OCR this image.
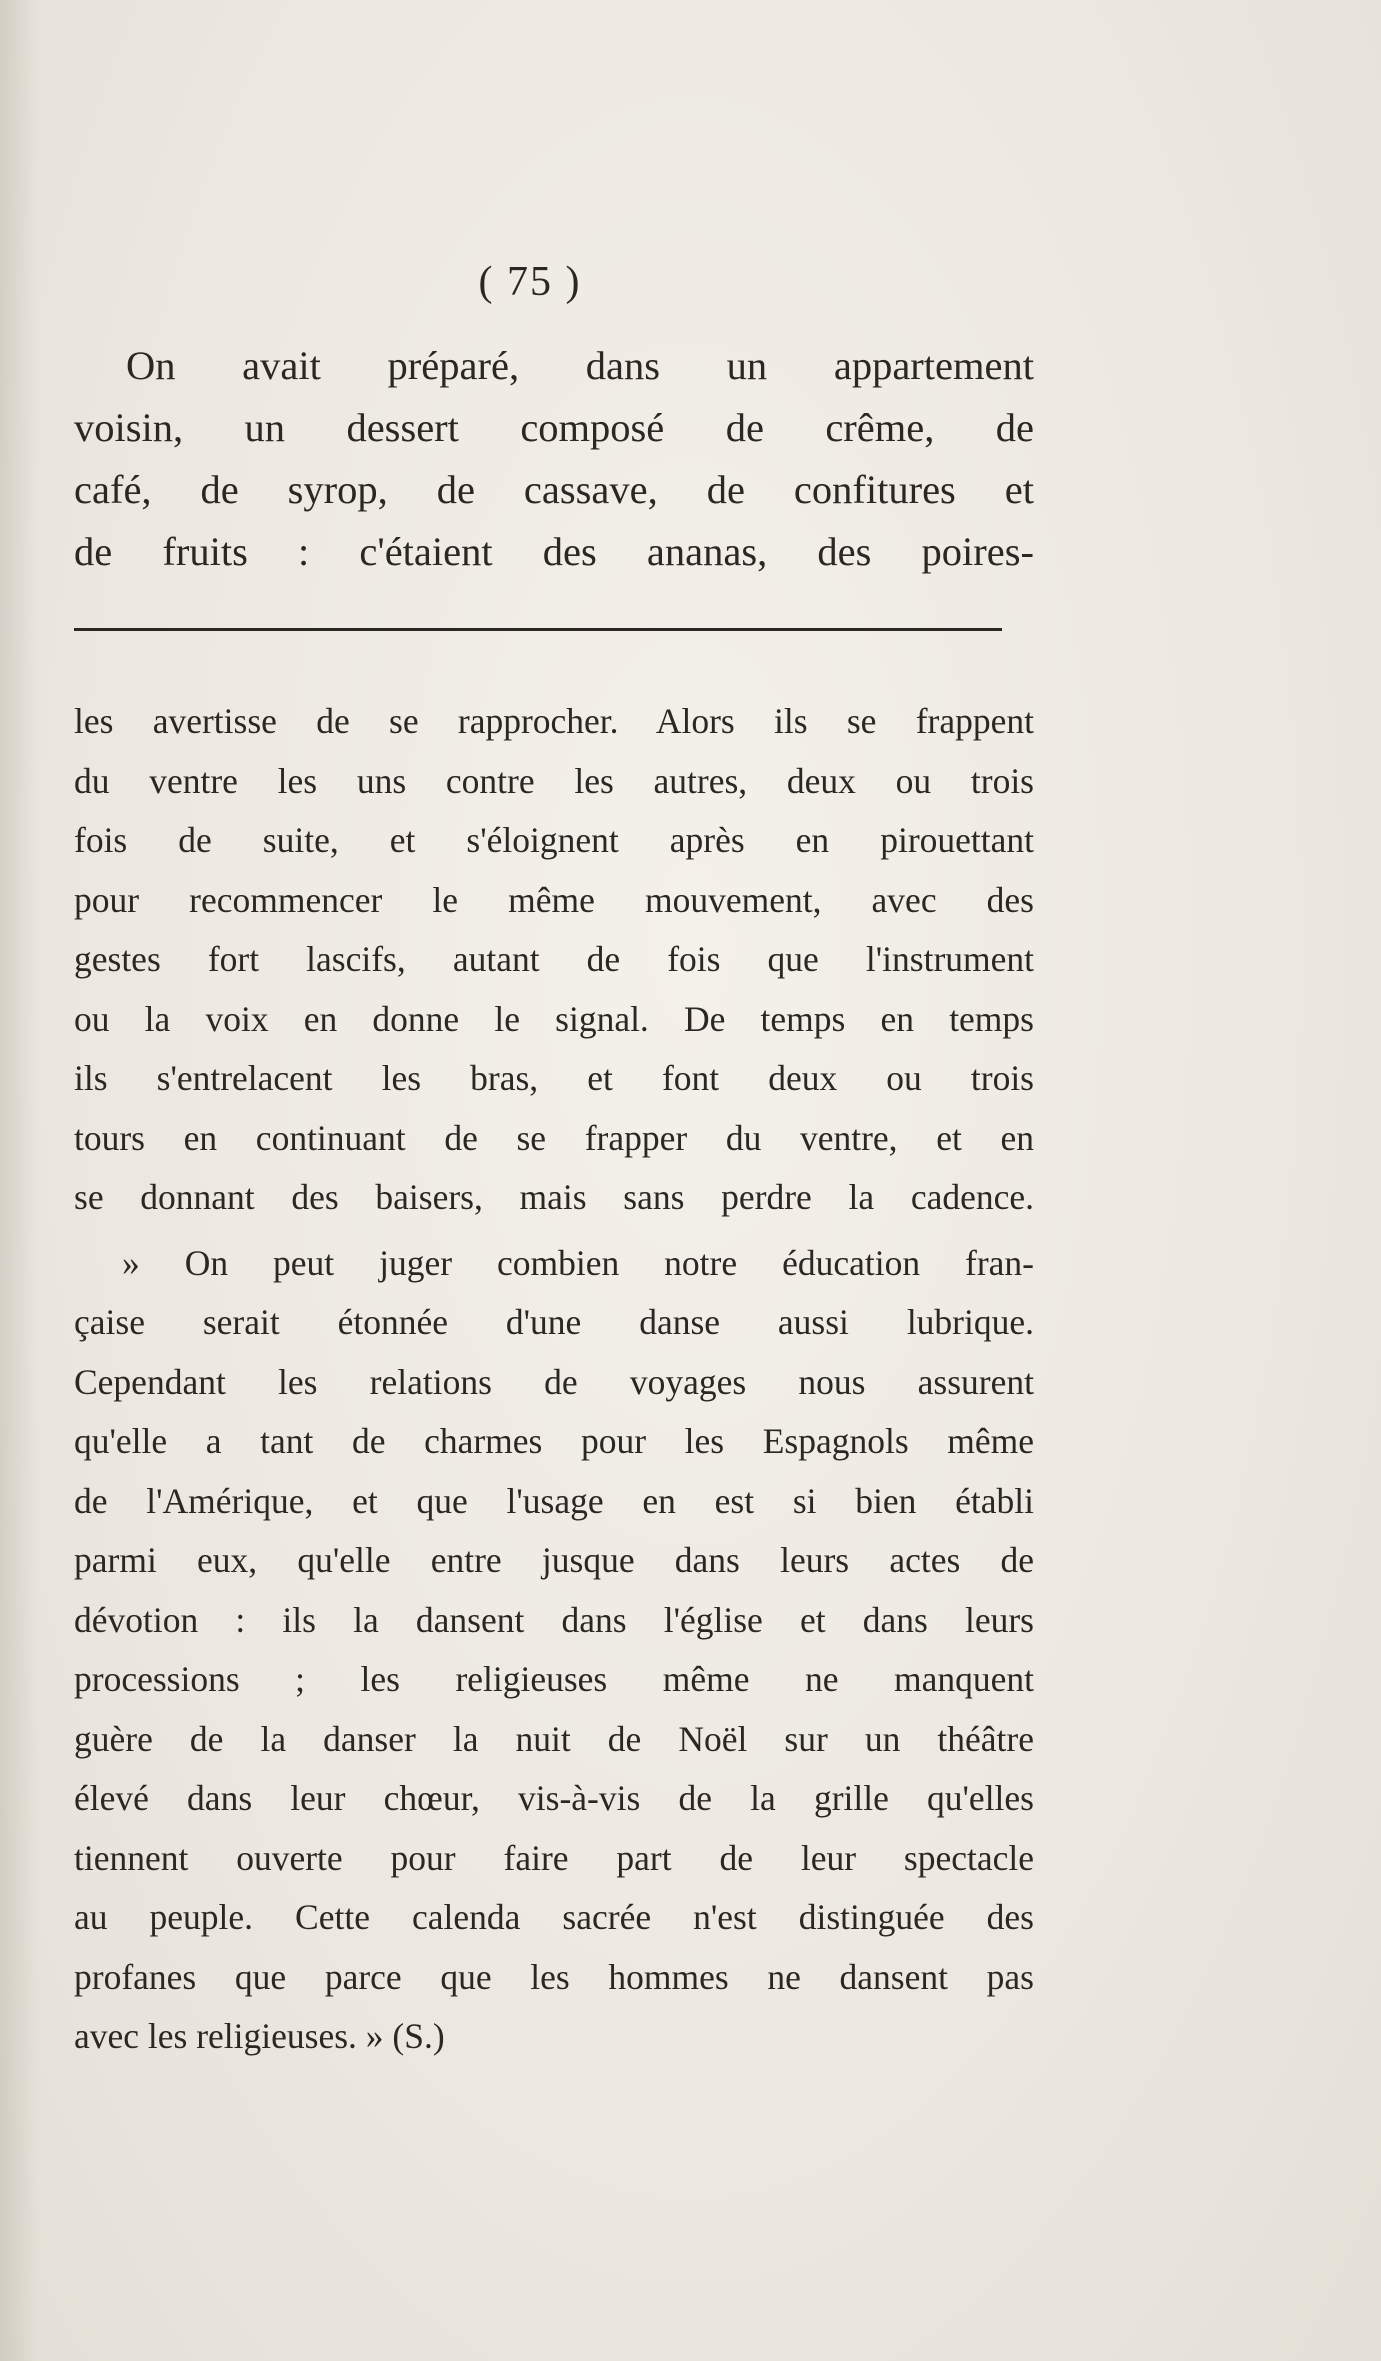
( 75 )
On avait préparé, dans un appartement
voisin, un dessert composé de crême, de
café, de syrop, de cassave, de confitures et
de fruits : c'étaient des ananas, des poires-
les avertisse de se rapprocher. Alors ils se frappent
du ventre les uns contre les autres, deux ou trois
fois de suite, et s'éloignent après en pirouettant
pour recommencer le même mouvement, avec des
gestes fort lascifs, autant de fois que l'instrument
ou la voix en donne le signal. De temps en temps
ils s'entrelacent les bras, et font deux ou trois
tours en continuant de se frapper du ventre, et en
se donnant des baisers, mais sans perdre la cadence.
» On peut juger combien notre éducation fran-
çaise serait étonnée d'une danse aussi lubrique.
Cependant les relations de voyages nous assurent
qu'elle a tant de charmes pour les Espagnols même
de l'Amérique, et que l'usage en est si bien établi
parmi eux, qu'elle entre jusque dans leurs actes de
dévotion : ils la dansent dans l'église et dans leurs
processions ; les religieuses même ne manquent
guère de la danser la nuit de Noël sur un théâtre
élevé dans leur chœur, vis-à-vis de la grille qu'elles
tiennent ouverte pour faire part de leur spectacle
au peuple. Cette calenda sacrée n'est distinguée des
profanes que parce que les hommes ne dansent pas
avec les religieuses. » (S.)
